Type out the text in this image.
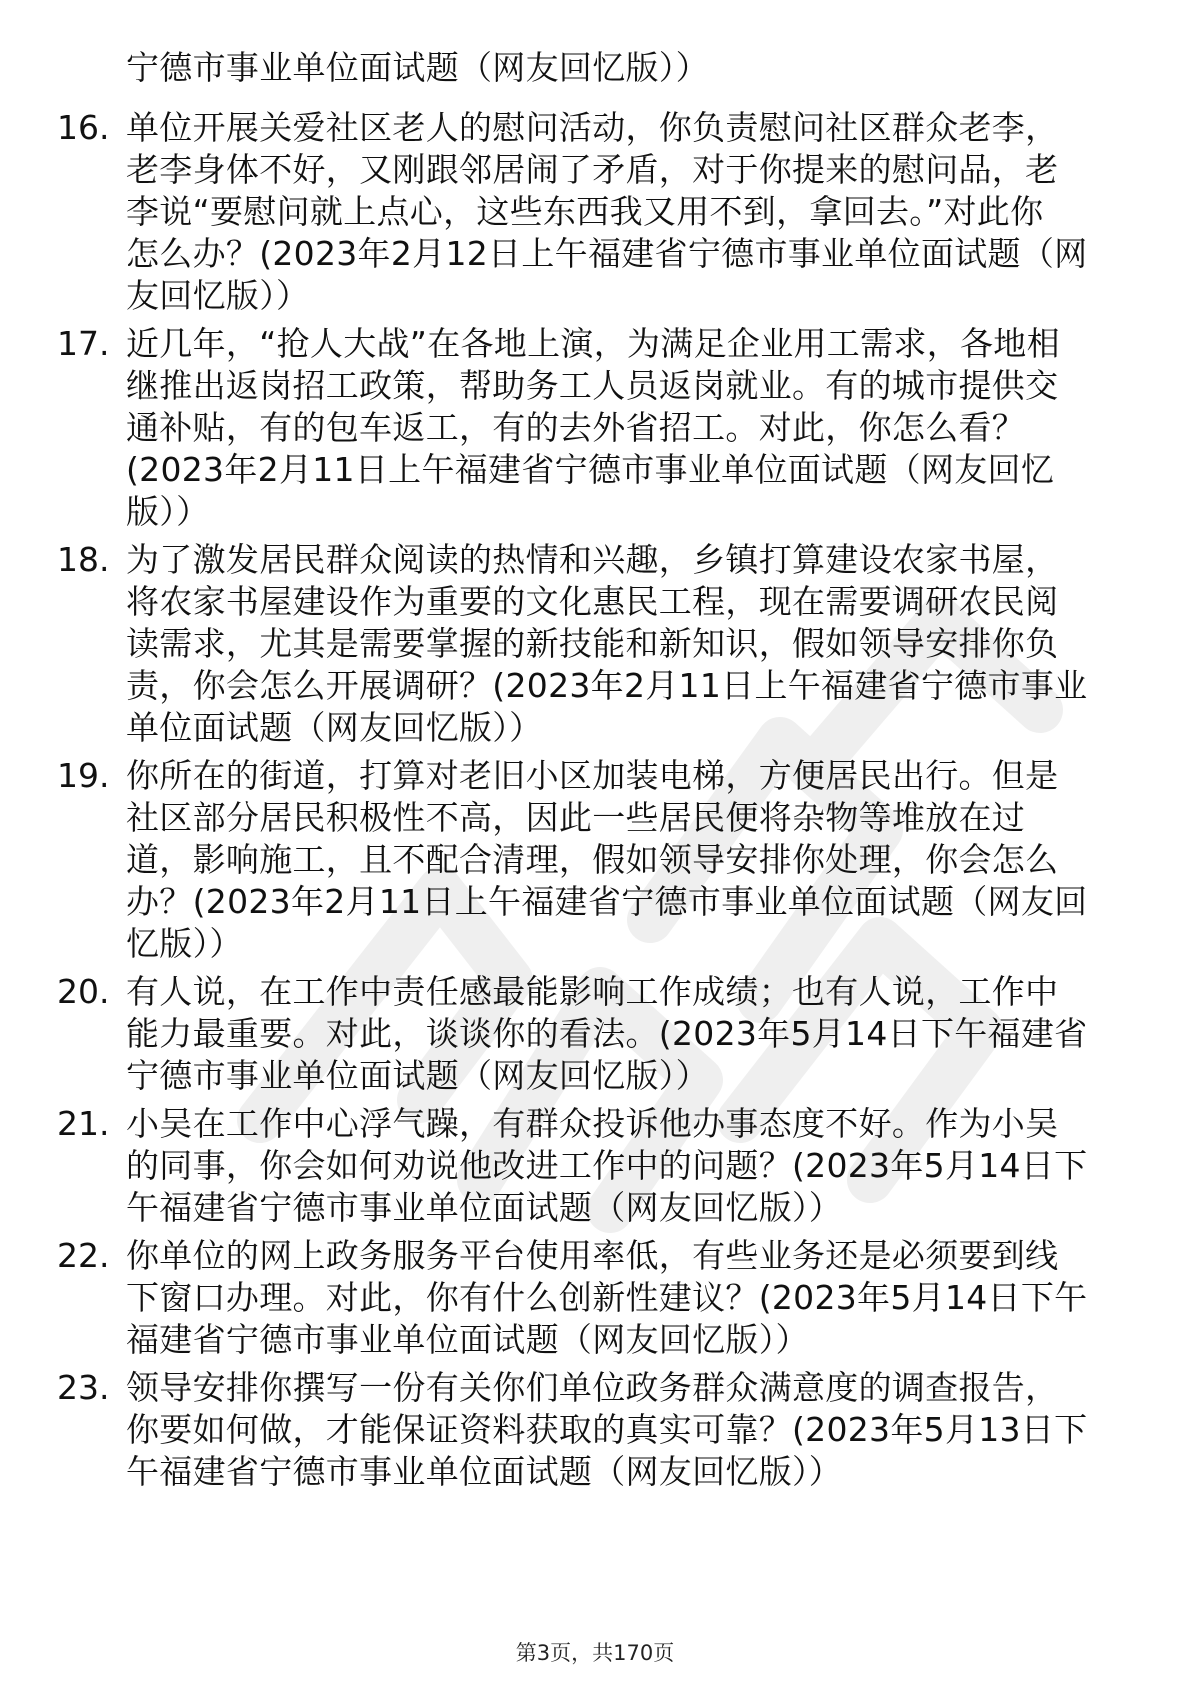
宁德市事业单位面试题（网友回忆版））
16. 单位开展关爱社区老人的慰问活动，你负责慰问社区群众老李，
老李身体不好，又刚跟邻居闹了矛盾，对于你提来的慰问品，老
李说“要慰问就上点心，这些东西我又用不到，拿回去。”对此你
怎么办？(2023年2月12日上午福建省宁德市事业单位面试题（网
友回忆版））
17. 近几年，“抢人大战”在各地上演，为满足企业用工需求，各地相
继推出返岗招工政策，帮助务工人员返岗就业。有的城市提供交
通补贴，有的包车返工，有的去外省招工。对此，你怎么看？
(2023年2月11日上午福建省宁德市事业单位面试题（网友回忆
版））
18. 为了激发居民群众阅读的热情和兴趣，乡镇打算建设农家书屋，
将农家书屋建设作为重要的文化惠民工程，现在需要调研农民阅
读需求，尤其是需要掌握的新技能和新知识，假如领导安排你负
责，你会怎么开展调研？(2023年2月11日上午福建省宁德市事业
单位面试题（网友回忆版））
19. 你所在的街道，打算对老旧小区加装电梯，方便居民出行。但是
社区部分居民积极性不高，因此一些居民便将杂物等堆放在过
道，影响施工，且不配合清理，假如领导安排你处理，你会怎么
办？(2023年2月11日上午福建省宁德市事业单位面试题（网友回
忆版））
20. 有人说，在工作中责任感最能影响工作成绩；也有人说，工作中
能力最重要。对此，谈谈你的看法。(2023年5月14日下午福建省
宁德市事业单位面试题（网友回忆版））
21. 小吴在工作中心浮气躁，有群众投诉他办事态度不好。作为小吴
的同事，你会如何劝说他改进工作中的问题？(2023年5月14日下
午福建省宁德市事业单位面试题（网友回忆版））
22. 你单位的网上政务服务平台使用率低，有些业务还是必须要到线
下窗口办理。对此，你有什么创新性建议？(2023年5月14日下午
福建省宁德市事业单位面试题（网友回忆版））
23. 领导安排你撰写一份有关你们单位政务群众满意度的调查报告，
你要如何做，才能保证资料获取的真实可靠？(2023年5月13日下
午福建省宁德市事业单位面试题（网友回忆版））
第3页，共170页
